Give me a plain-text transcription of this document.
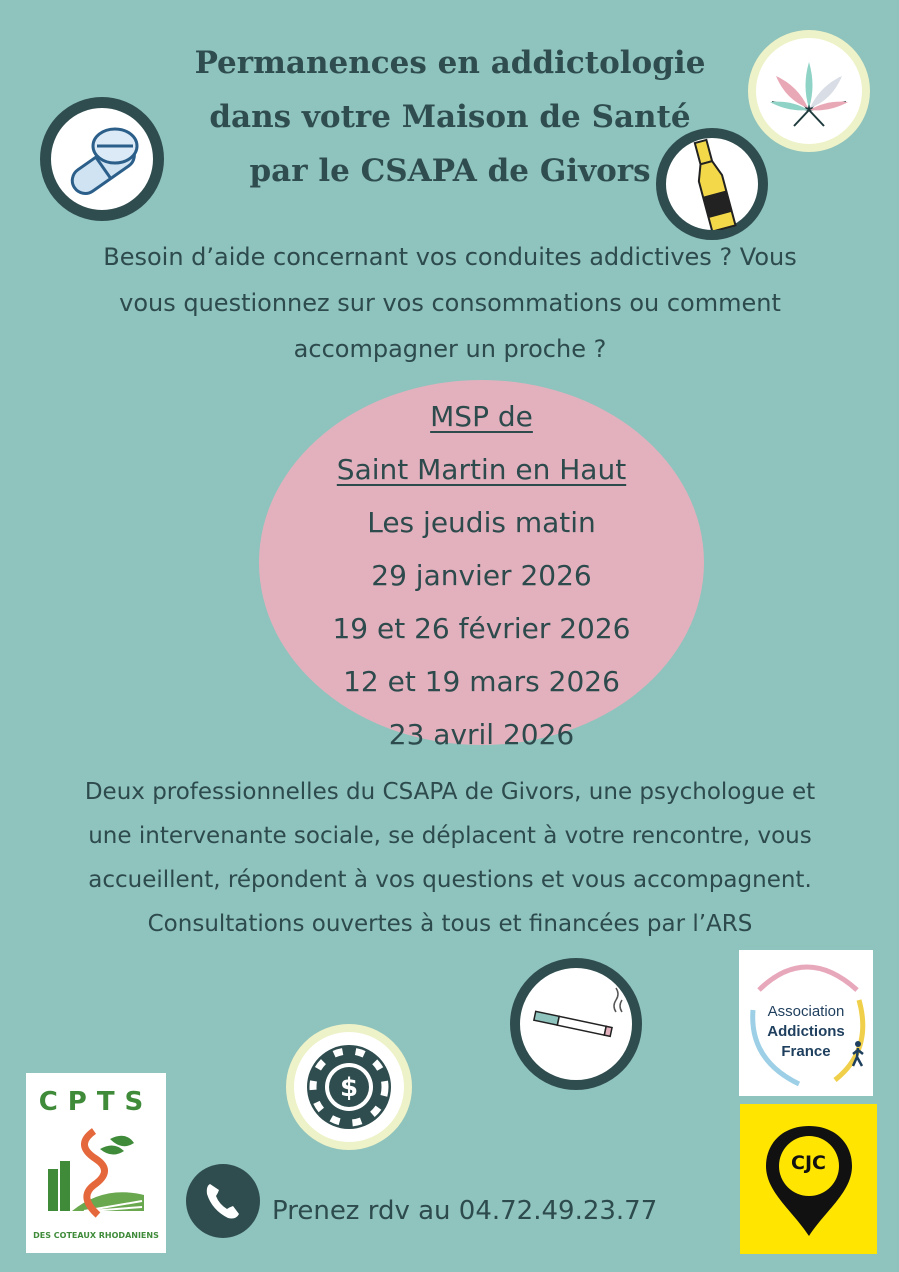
Permanences en addictologie
dans votre Maison de Santé
par le CSAPA de Givors
Besoin d’aide concernant vos conduites addictives ? Vous
vous questionnez sur vos consommations ou comment
accompagner un proche ?
MSP de
Saint Martin en Haut
Les jeudis matin
29 janvier 2026
19 et 26 février 2026
12 et 19 mars 2026
23 avril 2026
Deux professionnelles du CSAPA de Givors, une psychologue et
une intervenante sociale, se déplacent à votre rencontre, vous
accueillent, répondent à vos questions et vous accompagnent.
Consultations ouvertes à tous et financées par l’ARS
$
CPTS
DES COTEAUX RHODANIENS
Prenez rdv au 04.72.49.23.77
Association
Addictions
France
CJC
